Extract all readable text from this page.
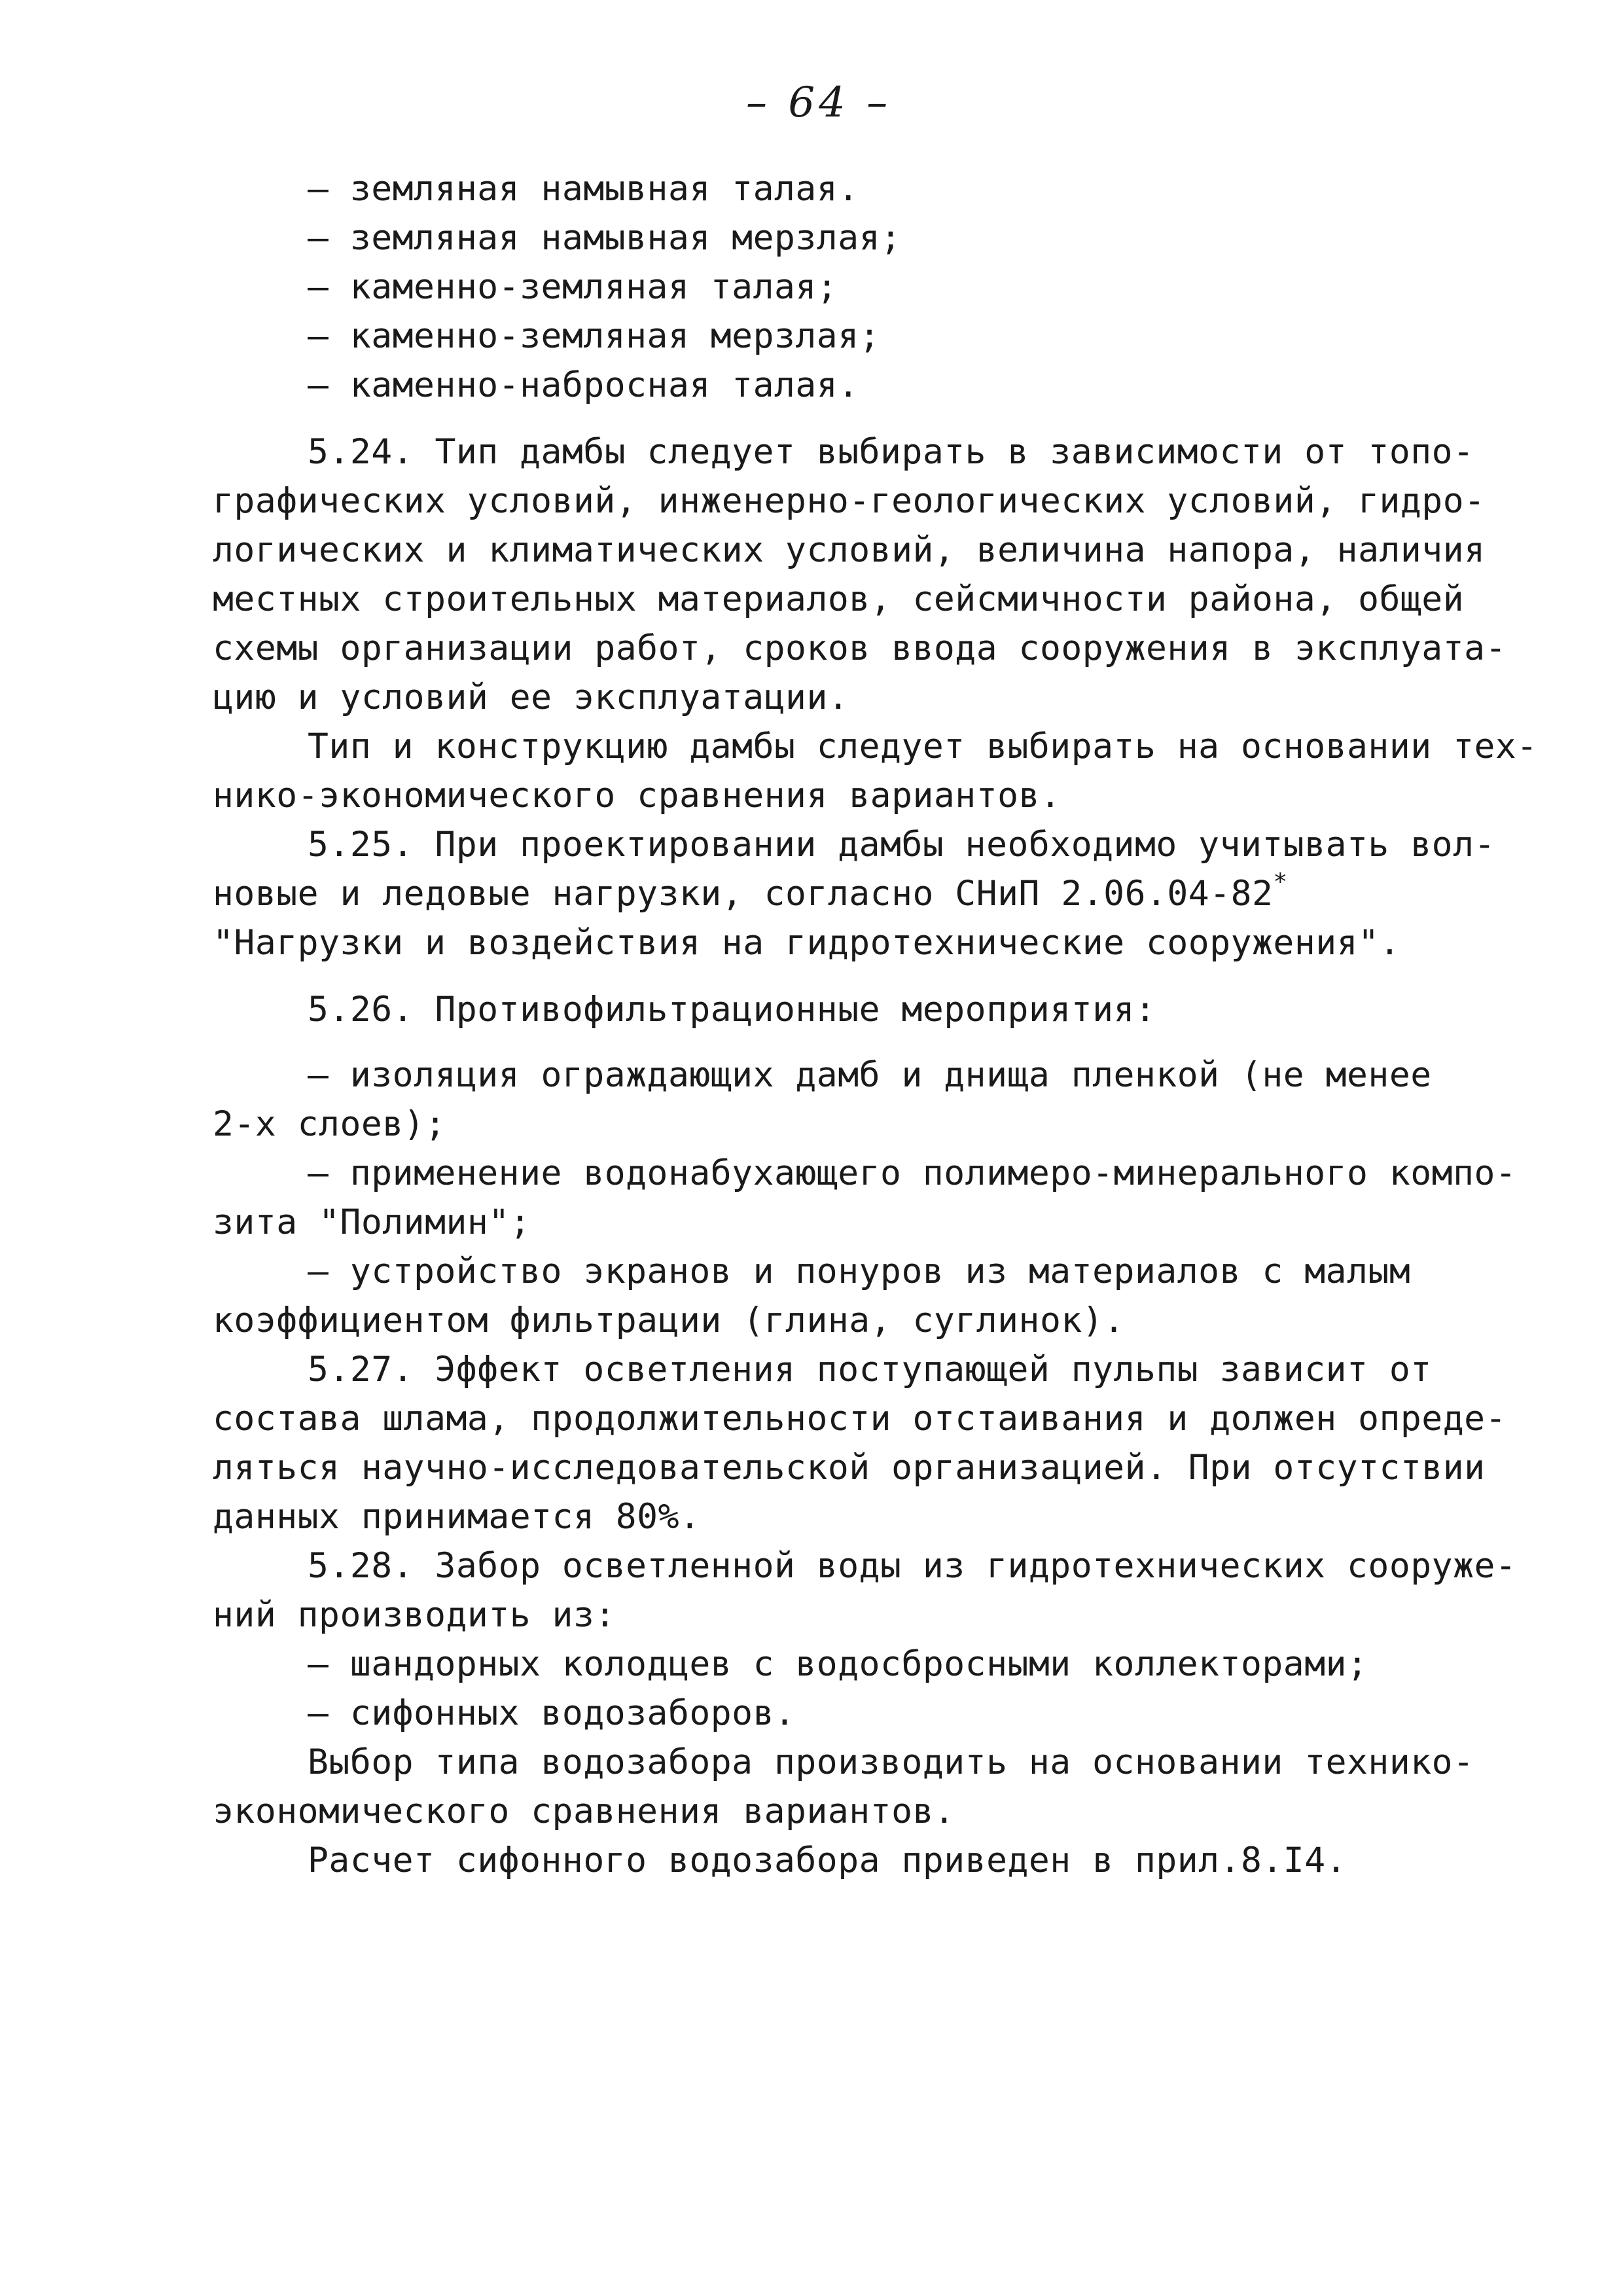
– 64 –
– земляная намывная талая.
– земляная намывная мерзлая;
– каменно-земляная талая;
– каменно-земляная мерзлая;
– каменно-набросная талая.
5.24. Тип дамбы следует выбирать в зависимости от топо-
графических условий, инженерно-геологических условий, гидро-
логических и климатических условий, величина напора, наличия
местных строительных материалов, сейсмичности района, общей
схемы организации работ, сроков ввода сооружения в эксплуата-
цию и условий ее эксплуатации.
Тип и конструкцию дамбы следует выбирать на основании тех-
нико-экономического сравнения вариантов.
5.25. При проектировании дамбы необходимо учитывать вол-
новые и ледовые нагрузки, согласно СНиП 2.06.04-82*
"Нагрузки и воздействия на гидротехнические сооружения".
5.26. Противофильтрационные мероприятия:
– изоляция ограждающих дамб и днища пленкой (не менее
2-х слоев);
– применение водонабухающего полимеро-минерального компо-
зита "Полимин";
– устройство экранов и понуров из материалов с малым
коэффициентом фильтрации (глина, суглинок).
5.27. Эффект осветления поступающей пульпы зависит от
состава шлама, продолжительности отстаивания и должен опреде-
ляться научно-исследовательской организацией. При отсутствии
данных принимается 80%.
5.28. Забор осветленной воды из гидротехнических сооруже-
ний производить из:
– шандорных колодцев с водосбросными коллекторами;
– сифонных водозаборов.
Выбор типа водозабора производить на основании технико-
экономического сравнения вариантов.
Расчет сифонного водозабора приведен в прил.8.I4.
